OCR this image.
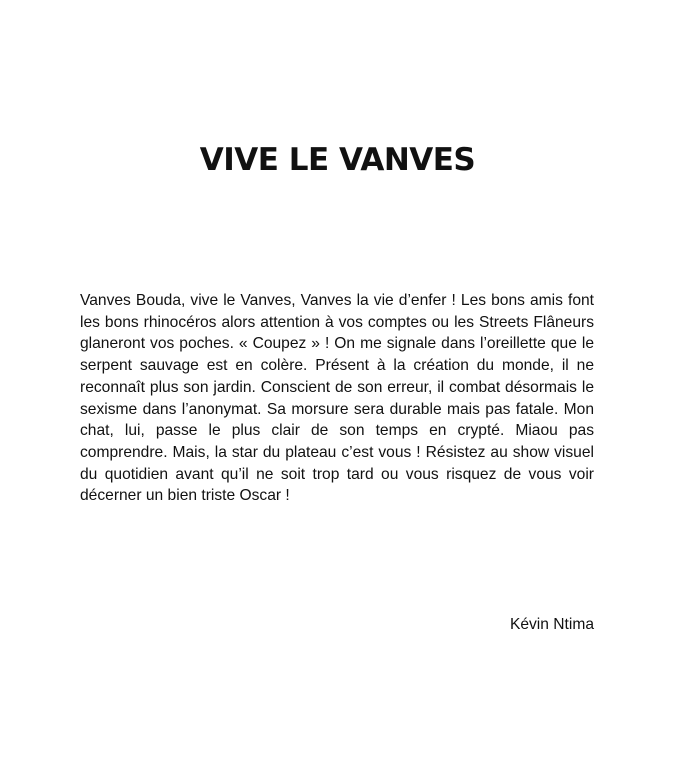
VIVE LE VANVES

Vanves Bouda, vive le Vanves, Vanves la vie d’enfer ! Les bons amis font les bons rhinocéros alors attention à vos comptes ou les Streets Flâneurs glaneront vos poches. « Coupez » ! On me signale dans l’oreillette que le serpent sauvage est en colère. Présent à la création du monde, il ne reconnaît plus son jardin. Conscient de son erreur, il combat désormais le sexisme dans l’anonymat. Sa morsure sera durable mais pas fatale. Mon chat, lui, passe le plus clair de son temps en crypté. Miaou pas comprendre. Mais, la star du plateau c’est vous ! Résistez au show visuel du quotidien avant qu’il ne soit trop tard ou vous risquez de vous voir décerner un bien triste Oscar !

Kévin Ntima
